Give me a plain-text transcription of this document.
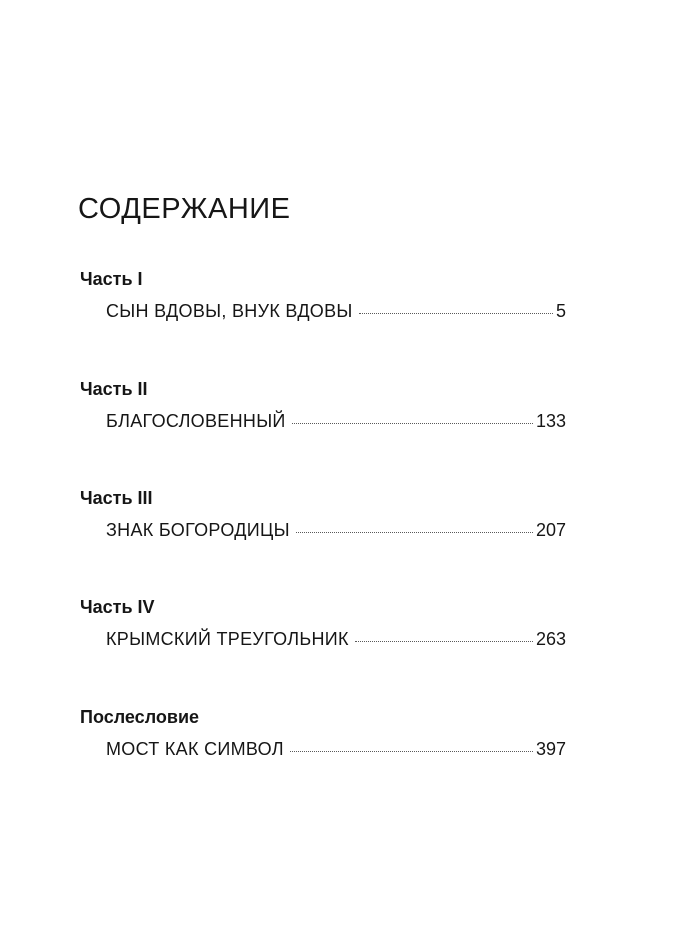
СОДЕРЖАНИЕ
Часть I
СЫН ВДОВЫ, ВНУК ВДОВЫ	5
Часть II
БЛАГОСЛОВЕННЫЙ	133
Часть III
ЗНАК БОГОРОДИЦЫ	207
Часть IV
КРЫМСКИЙ ТРЕУГОЛЬНИК	263
Послесловие
МОСТ КАК СИМВОЛ	397
